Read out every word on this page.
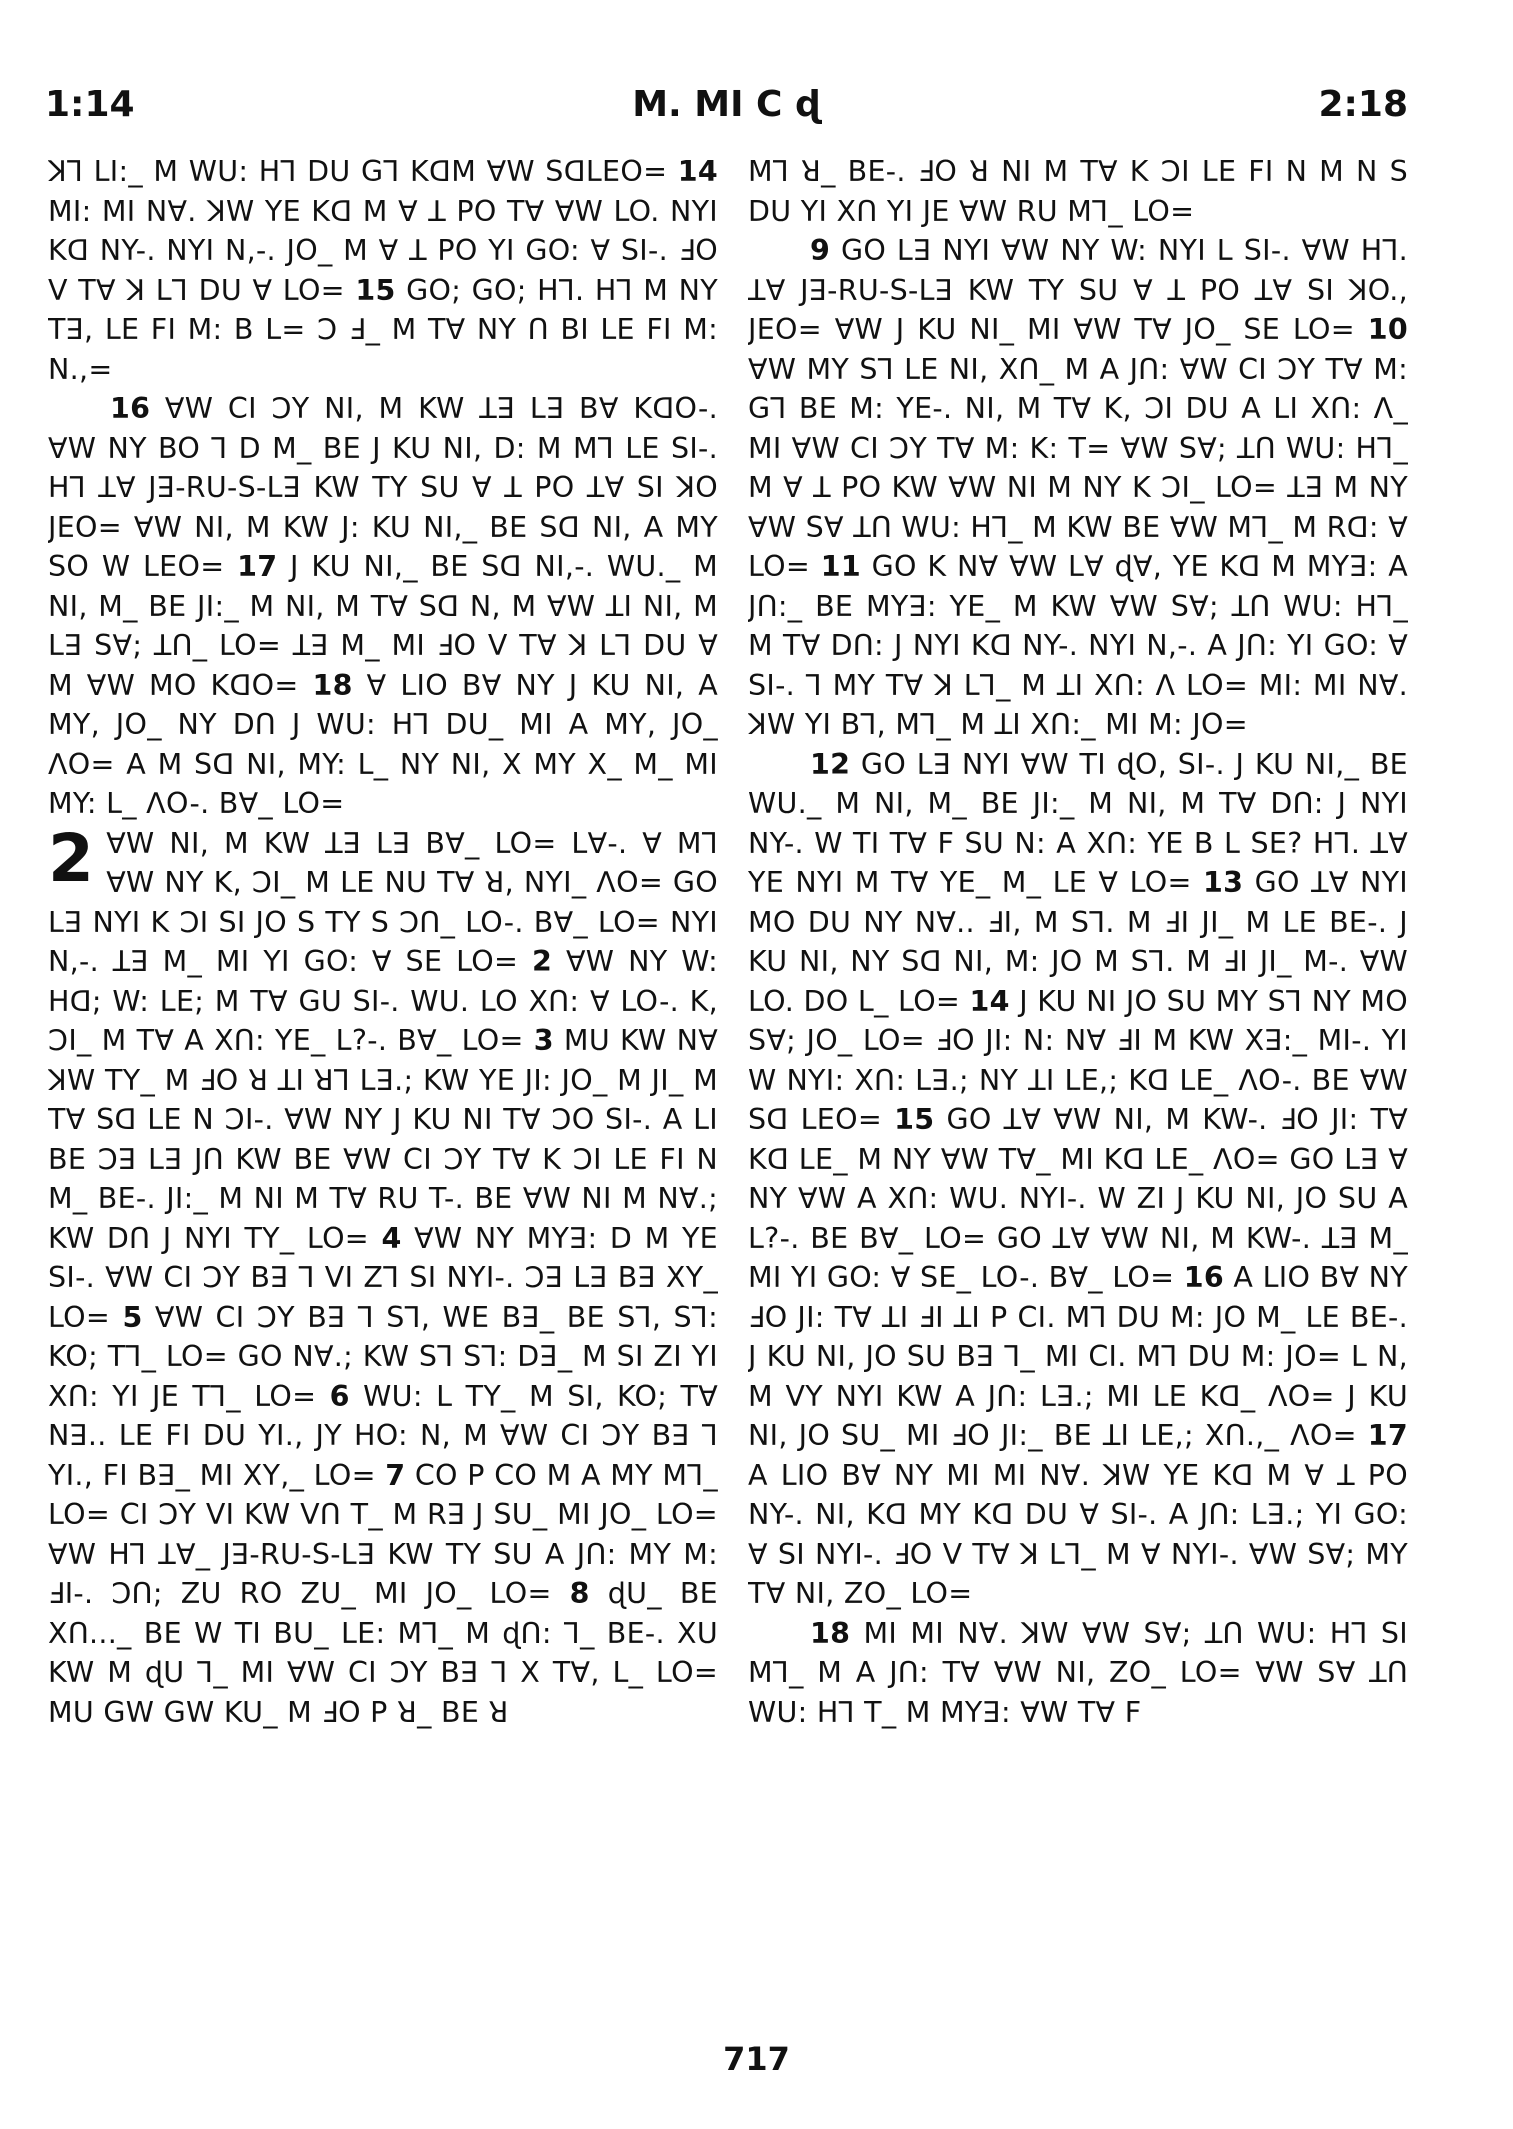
1:14	M. MI C ɖ	2:18

ꓘꓶ LI:_ M WU: Hꓶ DU Gꓶ KꓷM ꓯW SꓷLEO= 14 MI: MI Nꓯ. ꓘW YE Kꓷ M ꓯ ꓕ PO Tꓯ ꓯW LO. NYI Kꓷ NY-. NYI N,-. JO_ M ꓯ ꓕ PO YI GO: ꓯ SI-. ꓞO V Tꓯ ꓘ Lꓶ DU ꓯ LO= 15 GO; GO; Hꓶ. Hꓶ M NY Tꓱ, LE FI M: B L= ꓛ ꓞ_ M Tꓯ NY ꓵ BI LE FI M: N.,=

16 ꓯW CI ꓛY NI, M KW ꓕꓱ Lꓱ Bꓯ KꓷO-. ꓯW NY BO ꓶ D M_ BE J KU NI, D: M Mꓶ LE SI-. Hꓶ ꓕꓯ Jꓱ-RU-S-Lꓱ KW TY SU ꓯ ꓕ PO ꓕꓯ SI ꓘO JEO= ꓯW NI, M KW J: KU NI,_ BE Sꓷ NI, A MY SO W LEO= 17 J KU NI,_ BE Sꓷ NI,-. WU._ M NI, M_ BE JI:_ M NI, M Tꓯ Sꓷ N, M ꓯW ꓕI NI, M Lꓱ Sꓯ; ꓕꓵ_ LO= ꓕꓱ M_ MI ꓞO V Tꓯ ꓘ Lꓶ DU ꓯ M ꓯW MO KꓷO= 18 ꓯ LIO Bꓯ NY J KU NI, A MY, JO_ NY Dꓵ J WU: Hꓶ DU_ MI A MY, JO_ ꓥO= A M Sꓷ NI, MY: L_ NY NI, X MY X_ M_ MI MY: L_ ꓥO-. Bꓯ_ LO=

2 ꓯW NI, M KW ꓕꓱ Lꓱ Bꓯ_ LO= Lꓯ-. ꓯ Mꓶ ꓯW NY K, ꓛI_ M LE NU Tꓯ ꓤ, NYI_ ꓥO= GO Lꓱ NYI K ꓛI SI JO S TY S ꓛꓵ_ LO-. Bꓯ_ LO= NYI N,-. ꓕꓱ M_ MI YI GO: ꓯ SE LO= 2 ꓯW NY W: Hꓷ; W: LE; M Tꓯ GU SI-. WU. LO Xꓵ: ꓯ LO-. K, ꓛI_ M Tꓯ A Xꓵ: YE_ L?-. Bꓯ_ LO= 3 MU KW Nꓯ ꓘW TY_ M ꓞO ꓤ ꓕI ꓤꓶ Lꓱ.; KW YE JI: JO_ M JI_ M Tꓯ Sꓷ LE N ꓛI-. ꓯW NY J KU NI Tꓯ ꓛO SI-. A LI BE ꓛꓱ Lꓱ Jꓵ KW BE ꓯW CI ꓛY Tꓯ K ꓛI LE FI N M_ BE-. JI:_ M NI M Tꓯ RU T-. BE ꓯW NI M Nꓯ.; KW Dꓵ J NYI TY_ LO= 4 ꓯW NY MYꓱ: D M YE SI-. ꓯW CI ꓛY Bꓱ ꓶ VI Zꓶ SI NYI-. ꓛꓱ Lꓱ Bꓱ XY_ LO= 5 ꓯW CI ꓛY Bꓱ ꓶ Sꓶ, WE Bꓱ_ BE Sꓶ, Sꓶ: KO; Tꓶ_ LO= GO Nꓯ.; KW Sꓶ Sꓶ: Dꓱ_ M SI ZI YI Xꓵ: YI JE Tꓶ_ LO= 6 WU: L TY_ M SI, KO; Tꓯ Nꓱ.. LE FI DU YI., JY HO: N, M ꓯW CI ꓛY Bꓱ ꓶ YI., FI Bꓱ_ MI XY,_ LO= 7 CO P CO M A MY Mꓶ_ LO= CI ꓛY VI KW Vꓵ T_ M Rꓱ J SU_ MI JO_ LO= ꓯW Hꓶ ꓕꓯ_ Jꓱ-RU-S-Lꓱ KW TY SU A Jꓵ: MY M: ꓞI-. ꓛꓵ; ZU RO ZU_ MI JO_ LO= 8 ɖU_ BE Xꓵ..._ BE W TI BU_ LE: Mꓶ_ M ɖꓵ: ꓶ_ BE-. XU KW M ɖU ꓶ_ MI ꓯW CI ꓛY Bꓱ ꓶ X Tꓯ, L_ LO= MU GW GW KU_ M ꓞO P ꓤ_ BE ꓤ

Mꓶ ꓤ_ BE-. ꓞO ꓤ NI M Tꓯ K ꓛI LE FI N M N S DU YI Xꓵ YI JE ꓯW RU Mꓶ_ LO=

9 GO Lꓱ NYI ꓯW NY W: NYI L SI-. ꓯW Hꓶ. ꓕꓯ Jꓱ-RU-S-Lꓱ KW TY SU ꓯ ꓕ PO ꓕꓯ SI ꓘO., JEO= ꓯW J KU NI_ MI ꓯW Tꓯ JO_ SE LO= 10 ꓯW MY Sꓶ LE NI, Xꓵ_ M A Jꓵ: ꓯW CI ꓛY Tꓯ M: Gꓶ BE M: YE-. NI, M Tꓯ K, ꓛI DU A LI Xꓵ: ꓥ_ MI ꓯW CI ꓛY Tꓯ M: K: T= ꓯW Sꓯ; ꓕꓵ WU: Hꓶ_ M ꓯ ꓕ PO KW ꓯW NI M NY K ꓛI_ LO= ꓕꓱ M NY ꓯW Sꓯ ꓕꓵ WU: Hꓶ_ M KW BE ꓯW Mꓶ_ M Rꓷ: ꓯ LO= 11 GO K Nꓯ ꓯW Lꓯ ɖꓯ, YE Kꓷ M MYꓱ: A Jꓵ:_ BE MYꓱ: YE_ M KW ꓯW Sꓯ; ꓕꓵ WU: Hꓶ_ M Tꓯ Dꓵ: J NYI Kꓷ NY-. NYI N,-. A Jꓵ: YI GO: ꓯ SI-. ꓶ MY Tꓯ ꓘ Lꓶ_ M ꓕI Xꓵ: ꓥ LO= MI: MI Nꓯ. ꓘW YI Bꓶ, Mꓶ_ M ꓕI Xꓵ:_ MI M: JO=

12 GO Lꓱ NYI ꓯW TI ɖO, SI-. J KU NI,_ BE WU._ M NI, M_ BE JI:_ M NI, M Tꓯ Dꓵ: J NYI NY-. W TI Tꓯ F SU N: A Xꓵ: YE B L SE? Hꓶ. ꓕꓯ YE NYI M Tꓯ YE_ M_ LE ꓯ LO= 13 GO ꓕꓯ NYI MO DU NY Nꓯ.. ꓞI, M Sꓶ. M ꓞI JI_ M LE BE-. J KU NI, NY Sꓷ NI, M: JO M Sꓶ. M ꓞI JI_ M-. ꓯW LO. DO L_ LO= 14 J KU NI JO SU MY Sꓶ NY MO Sꓯ; JO_ LO= ꓞO JI: N: Nꓯ ꓞI M KW Xꓱ:_ MI-. YI W NYI: Xꓵ: Lꓱ.; NY ꓕI LE,; Kꓷ LE_ ꓥO-. BE ꓯW Sꓷ LEO= 15 GO ꓕꓯ ꓯW NI, M KW-. ꓞO JI: Tꓯ Kꓷ LE_ M NY ꓯW Tꓯ_ MI Kꓷ LE_ ꓥO= GO Lꓱ ꓯ NY ꓯW A Xꓵ: WU. NYI-. W ZI J KU NI, JO SU A L?-. BE Bꓯ_ LO= GO ꓕꓯ ꓯW NI, M KW-. ꓕꓱ M_ MI YI GO: ꓯ SE_ LO-. Bꓯ_ LO= 16 A LIO Bꓯ NY ꓞO JI: Tꓯ ꓕI ꓞI ꓕI P CI. Mꓶ DU M: JO M_ LE BE-. J KU NI, JO SU Bꓱ ꓶ_ MI CI. Mꓶ DU M: JO= L N, M VY NYI KW A Jꓵ: Lꓱ.; MI LE Kꓷ_ ꓥO= J KU NI, JO SU_ MI ꓞO JI:_ BE ꓕI LE,; Xꓵ.,_ ꓥO= 17 A LIO Bꓯ NY MI MI Nꓯ. ꓘW YE Kꓷ M ꓯ ꓕ PO NY-. NI, Kꓷ MY Kꓷ DU ꓯ SI-. A Jꓵ: Lꓱ.; YI GO: ꓯ SI NYI-. ꓞO V Tꓯ ꓘ Lꓶ_ M ꓯ NYI-. ꓯW Sꓯ; MY Tꓯ NI, ZO_ LO=

18 MI MI Nꓯ. ꓘW ꓯW Sꓯ; ꓕꓵ WU: Hꓶ SI Mꓶ_ M A Jꓵ: Tꓯ ꓯW NI, ZO_ LO= ꓯW Sꓯ ꓕꓵ WU: Hꓶ T_ M MYꓱ: ꓯW Tꓯ F

717
